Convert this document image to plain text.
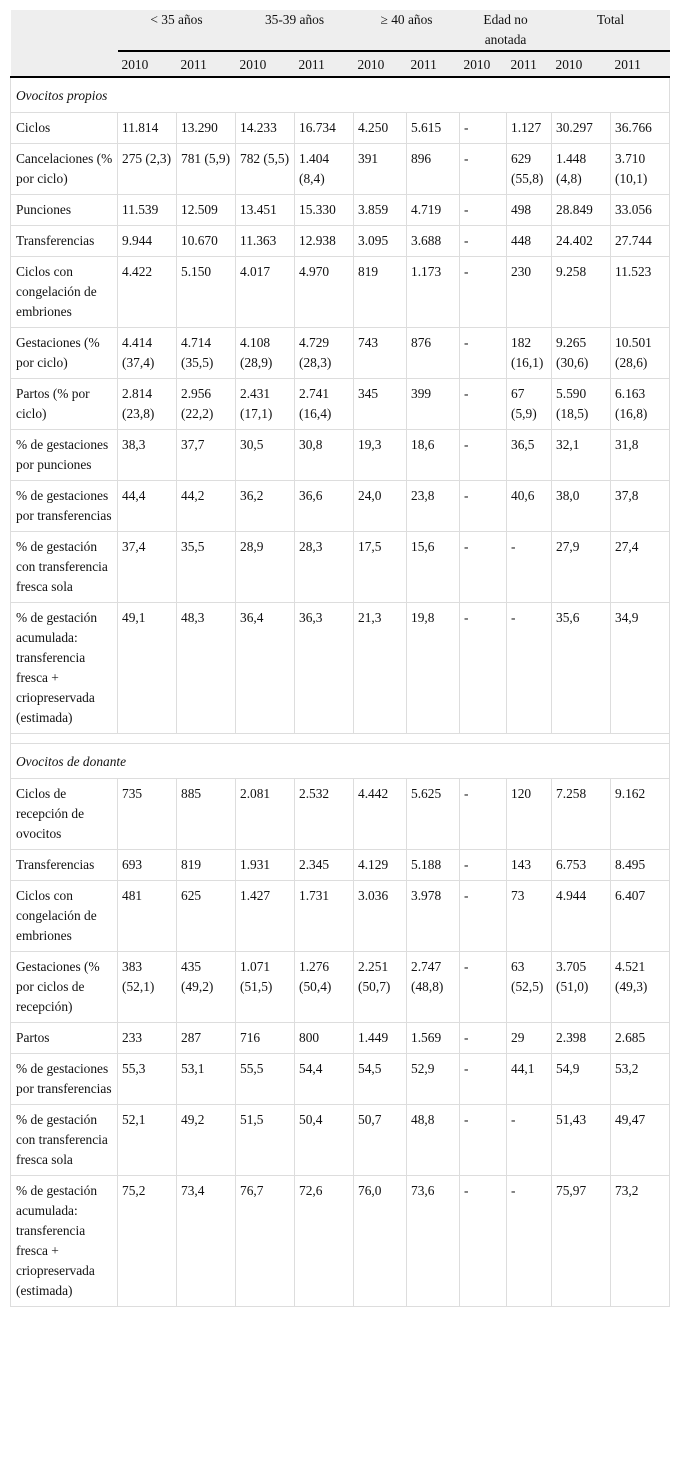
	< 35 años		35-39 años		≥ 40 años		Edad no anotada		Total	
	2010	2011	2010	2011	2010	2011	2010	2011	2010	2011
Ovocitos propios										
Ciclos	11.814	13.290	14.233	16.734	4.250	5.615	-	1.127	30.297	36.766
Cancelaciones (% por ciclo)	275 (2,3)	781 (5,9)	782 (5,5)	1.404 (8,4)	391	896	-	629 (55,8)	1.448 (4,8)	3.710 (10,1)
Punciones	11.539	12.509	13.451	15.330	3.859	4.719	-	498	28.849	33.056
Transferencias	9.944	10.670	11.363	12.938	3.095	3.688	-	448	24.402	27.744
Ciclos con congelación de embriones	4.422	5.150	4.017	4.970	819	1.173	-	230	9.258	11.523
Gestaciones (% por ciclo)	4.414 (37,4)	4.714 (35,5)	4.108 (28,9)	4.729 (28,3)	743	876	-	182 (16,1)	9.265 (30,6)	10.501 (28,6)
Partos (% por ciclo)	2.814 (23,8)	2.956 (22,2)	2.431 (17,1)	2.741 (16,4)	345	399	-	67 (5,9)	5.590 (18,5)	6.163 (16,8)
% de gestaciones por punciones	38,3	37,7	30,5	30,8	19,3	18,6	-	36,5	32,1	31,8
% de gestaciones por transferencias	44,4	44,2	36,2	36,6	24,0	23,8	-	40,6	38,0	37,8
% de gestación con transferencia fresca sola	37,4	35,5	28,9	28,3	17,5	15,6	-	-	27,9	27,4
% de gestación acumulada: transferencia fresca + criopreservada (estimada)	49,1	48,3	36,4	36,3	21,3	19,8	-	-	35,6	34,9

Ovocitos de donante										
Ciclos de recepción de ovocitos	735	885	2.081	2.532	4.442	5.625	-	120	7.258	9.162
Transferencias	693	819	1.931	2.345	4.129	5.188	-	143	6.753	8.495
Ciclos con congelación de embriones	481	625	1.427	1.731	3.036	3.978	-	73	4.944	6.407
Gestaciones (% por ciclos de recepción)	383 (52,1)	435 (49,2)	1.071 (51,5)	1.276 (50,4)	2.251 (50,7)	2.747 (48,8)	-	63 (52,5)	3.705 (51,0)	4.521 (49,3)
Partos	233	287	716	800	1.449	1.569	-	29	2.398	2.685
% de gestaciones por transferencias	55,3	53,1	55,5	54,4	54,5	52,9	-	44,1	54,9	53,2
% de gestación con transferencia fresca sola	52,1	49,2	51,5	50,4	50,7	48,8	-	-	51,43	49,47
% de gestación acumulada: transferencia fresca + criopreservada (estimada)	75,2	73,4	76,7	72,6	76,0	73,6	-	-	75,97	73,2
